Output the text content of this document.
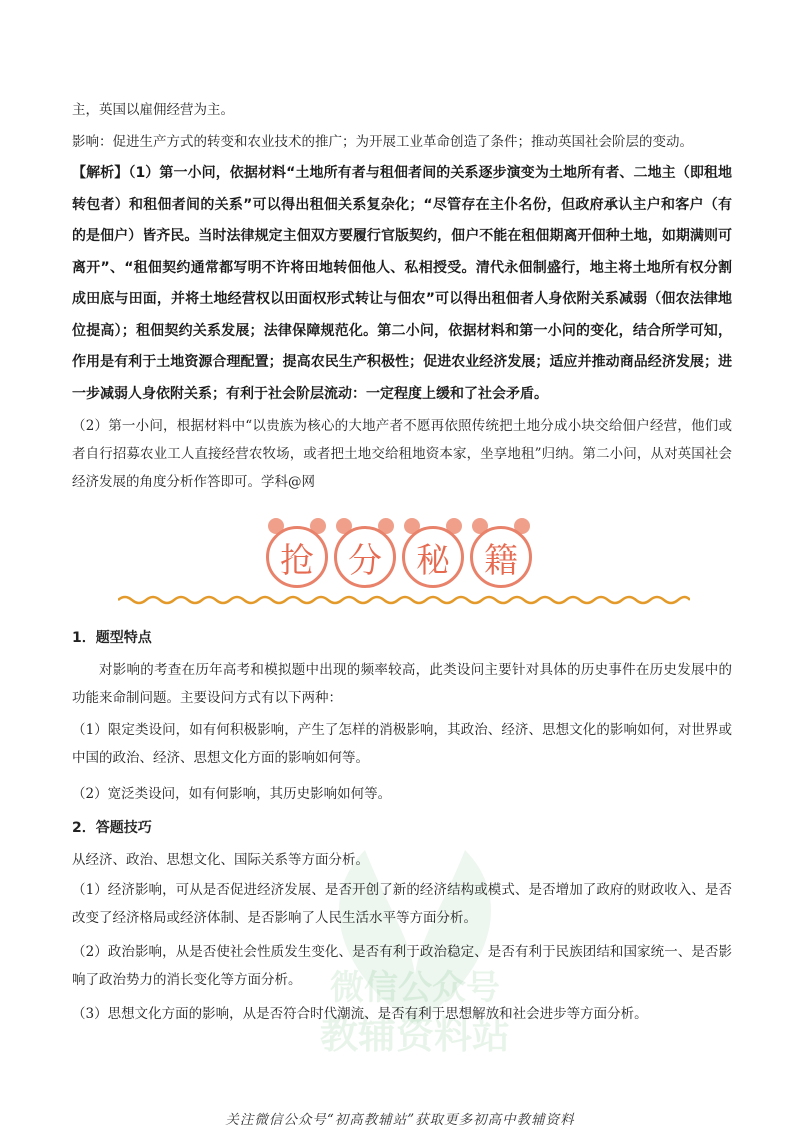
微信公众号
教辅资料站

主，英国以雇佣经营为主。

影响：促进生产方式的转变和农业技术的推广；为开展工业革命创造了条件；推动英国社会阶层的变动。

【解析】（1）第一小问，依据材料“土地所有者与租佃者间的关系逐步演变为土地所有者、二地主（即租地转包者）和租佃者间的关系”可以得出租佃关系复杂化；“尽管存在主仆名份，但政府承认主户和客户（有的是佃户）皆齐民。当时法律规定主佃双方要履行官版契约，佃户不能在租佃期离开佃种土地，如期满则可离开”、“租佃契约通常都写明不许将田地转佃他人、私相授受。清代永佃制盛行，地主将土地所有权分割成田底与田面，并将土地经营权以田面权形式转让与佃农”可以得出租佃者人身依附关系减弱（佃农法律地位提高）；租佃契约关系发展；法律保障规范化。第二小问，依据材料和第一小问的变化，结合所学可知，作用是有利于土地资源合理配置；提高农民生产积极性；促进农业经济发展；适应并推动商品经济发展；进一步减弱人身依附关系；有利于社会阶层流动：一定程度上缓和了社会矛盾。

（2）第一小问，根据材料中“以贵族为核心的大地产者不愿再依照传统把土地分成小块交给佃户经营，他们或者自行招募农业工人直接经营农牧场，或者把土地交给租地资本家，坐享地租”归纳。第二小问，从对英国社会经济发展的角度分析作答即可。学科@网

抢	分	秘	籍

1．题型特点

对影响的考查在历年高考和模拟题中出现的频率较高，此类设问主要针对具体的历史事件在历史发展中的功能来命制问题。主要设问方式有以下两种：

（1）限定类设问，如有何积极影响，产生了怎样的消极影响，其政治、经济、思想文化的影响如何，对世界或中国的政治、经济、思想文化方面的影响如何等。

（2）宽泛类设问，如有何影响，其历史影响如何等。

2．答题技巧

从经济、政治、思想文化、国际关系等方面分析。

（1）经济影响，可从是否促进经济发展、是否开创了新的经济结构或模式、是否增加了政府的财政收入、是否改变了经济格局或经济体制、是否影响了人民生活水平等方面分析。

（2）政治影响，从是否使社会性质发生变化、是否有利于政治稳定、是否有利于民族团结和国家统一、是否影响了政治势力的消长变化等方面分析。

（3）思想文化方面的影响，从是否符合时代潮流、是否有利于思想解放和社会进步等方面分析。

关注微信公众号“初高教辅站”获取更多初高中教辅资料
